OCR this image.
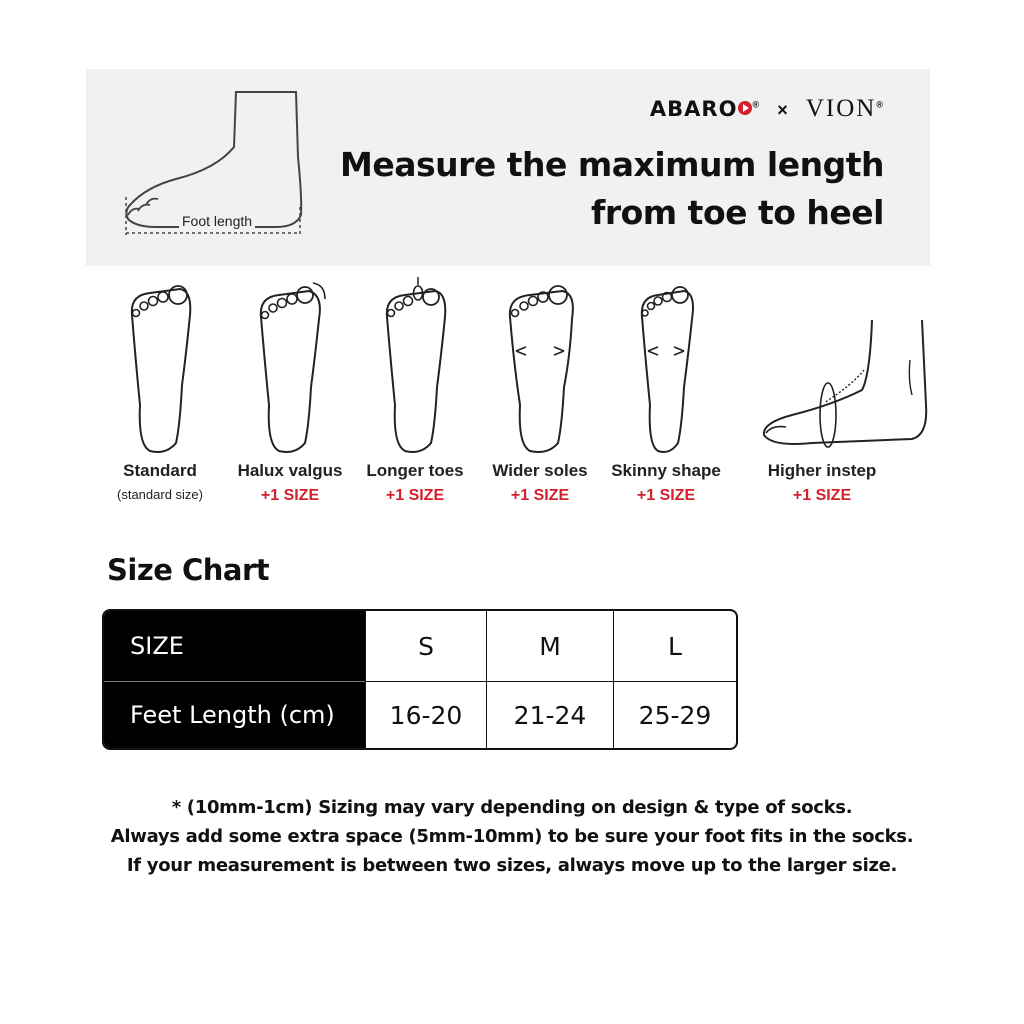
Foot length
ABARO ® × VION®
Measure the maximum length
from toe to heel
Standard
(standard size)
Halux valgus
+1 SIZE
Longer toes
+1 SIZE
Wider soles
+1 SIZE
Skinny shape
+1 SIZE
Higher instep
+1 SIZE
Size Chart
SIZE	S	M	L
Feet Length (cm)	16-20	21-24	25-29
* (10mm-1cm) Sizing may vary depending on design & type of socks.
Always add some extra space (5mm-10mm) to be sure your foot fits in the socks.
If your measurement is between two sizes, always move up to the larger size.
